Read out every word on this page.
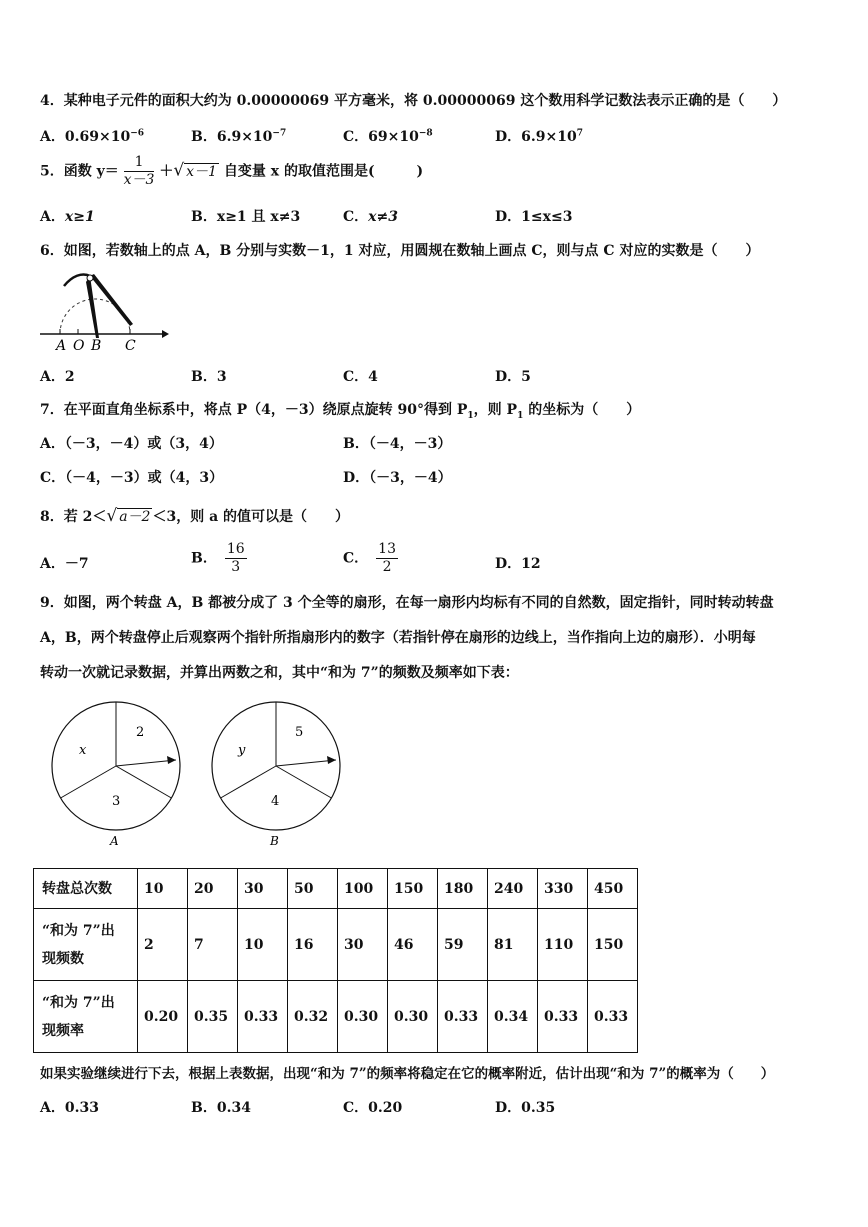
4．某种电子元件的面积大约为 0.00000069 平方毫米，将 0.00000069 这个数用科学记数法表示正确的是（　　）
A．$0.69\times 10^{-6}$	B．$6.9\times 10^{-7}$	C．$69\times 10^{-8}$	D．$6.9\times 10^7$
5．函数 $y= \frac{1}{x-3}$ ＋√ x－1 自变量 x 的取值范围是(　　　)
A．x≥1	B．x≥1 且 x≠3	C．x≠3	D．1≤x≤3
6．如图，若数轴上的点 A，B 分别与实数－1，1 对应，用圆规在数轴上画点 C，则与点 C 对应的实数是（　　）
A O B C
A．2	B．3	C．4	D．5
7．在平面直角坐标系中，将点 P（4，－3）绕原点旋转 90°得到 $P_1$，则 $P_1$ 的坐标为（　　）
A．（－3，－4）或（3，4）	B．（－4，－3）
C．（－4，－3）或（4，3）	D．（－3，－4）
8．若 2＜√ a－2 ＜3，则 a 的值可以是（　　）
A．－7	B． $\frac{16}{3}$	C． $\frac{13}{2}$	D．12
9．如图，两个转盘 A，B 都被分成了 3 个全等的扇形，在每一扇形内均标有不同的自然数，固定指针，同时转动转盘
A，B，两个转盘停止后观察两个指针所指扇形内的数字（若指针停在扇形的边线上，当作指向上边的扇形）．小明每
转动一次就记录数据，并算出两数之和，其中“和为 7”的频数及频率如下表：
2
x
3
A
5
y
4
B
转盘总次数	10	20	30	50	100	150	180	240	330	450

“和为 7”出
现频数	2	7	10	16	30	46	59	81	110	150

“和为 7”出
现频率	0.20	0.35	0.33	0.32	0.30	0.30	0.33	0.34	0.33	0.33
如果实验继续进行下去，根据上表数据，出现“和为 7”的频率将稳定在它的概率附近，估计出现“和为 7”的概率为（　　）
A．0.33	B．0.34	C．0.20	D．0.35
